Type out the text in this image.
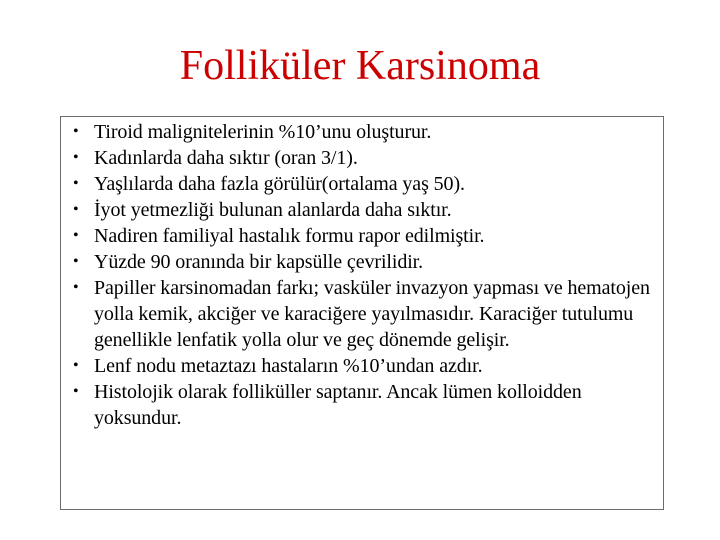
Folliküler Karsinoma
• Tiroid malignitelerinin %10’unu oluşturur.
• Kadınlarda daha sıktır (oran 3/1).
• Yaşlılarda daha fazla görülür(ortalama yaş 50).
• İyot yetmezliği bulunan alanlarda daha sıktır.
• Nadiren familiyal hastalık formu rapor edilmiştir.
• Yüzde 90 oranında bir kapsülle çevrilidir.
• Papiller karsinomadan farkı; vasküler invazyon yapması ve hematojen yolla kemik, akciğer ve karaciğere yayılmasıdır. Karaciğer tutulumu genellikle lenfatik yolla olur ve geç dönemde gelişir.
• Lenf nodu metaztazı hastaların %10’undan azdır.
• Histolojik olarak folliküller saptanır. Ancak lümen kolloidden yoksundur.
